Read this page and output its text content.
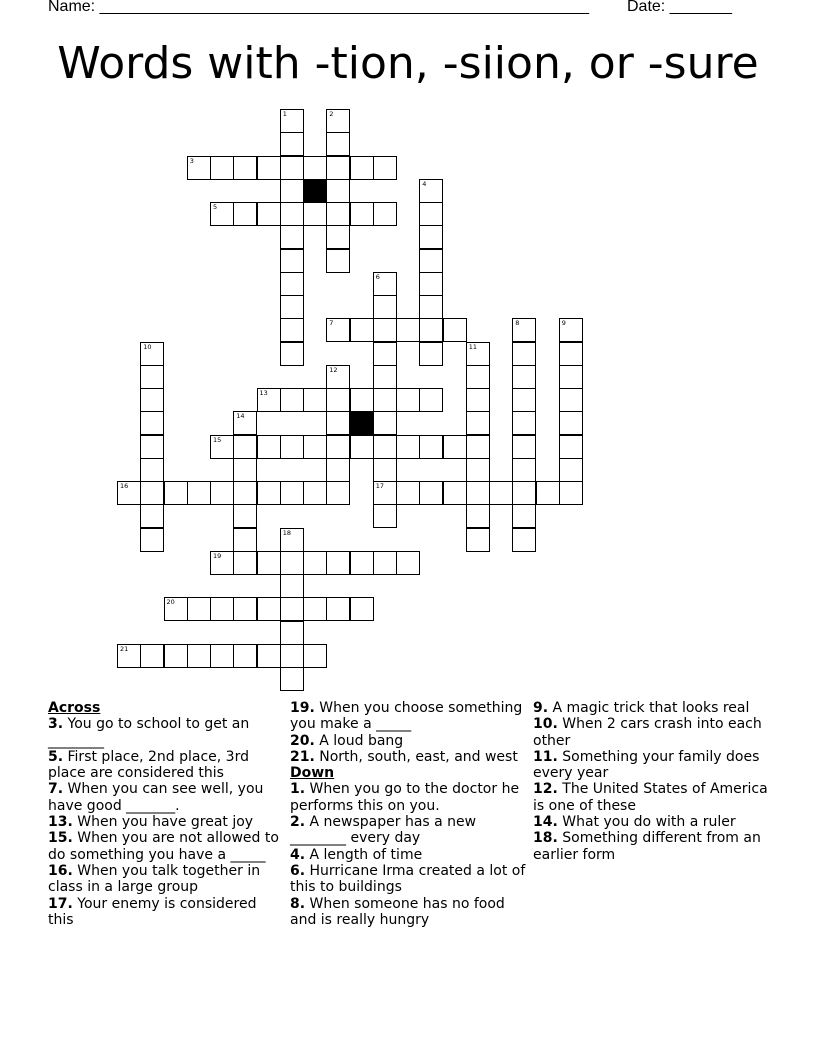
Name: _______________________________________________________ Date: _______
Words with -tion, -siion, or -sure
1	2
3
4
5
6
17
7	8	9
10	11
12
13
14
15
16
18
19
20
21
Across
3. You go to school to get an ________
5. First place, 2nd place, 3rd place are considered this
7. When you can see well, you have good _______.
13. When you have great joy
15. When you are not allowed to do something you have a _____
16. When you talk together in class in a large group
17. Your enemy is considered this
19. When you choose something you make a _____
20. A loud bang
21. North, south, east, and west
Down
1. When you go to the doctor he performs this on you.
2. A newspaper has a new ________ every day
4. A length of time
6. Hurricane Irma created a lot of this to buildings
8. When someone has no food and is really hungry
9. A magic trick that looks real
10. When 2 cars crash into each other
11. Something your family does every year
12. The United States of America is one of these
14. What you do with a ruler
18. Something different from an earlier form
